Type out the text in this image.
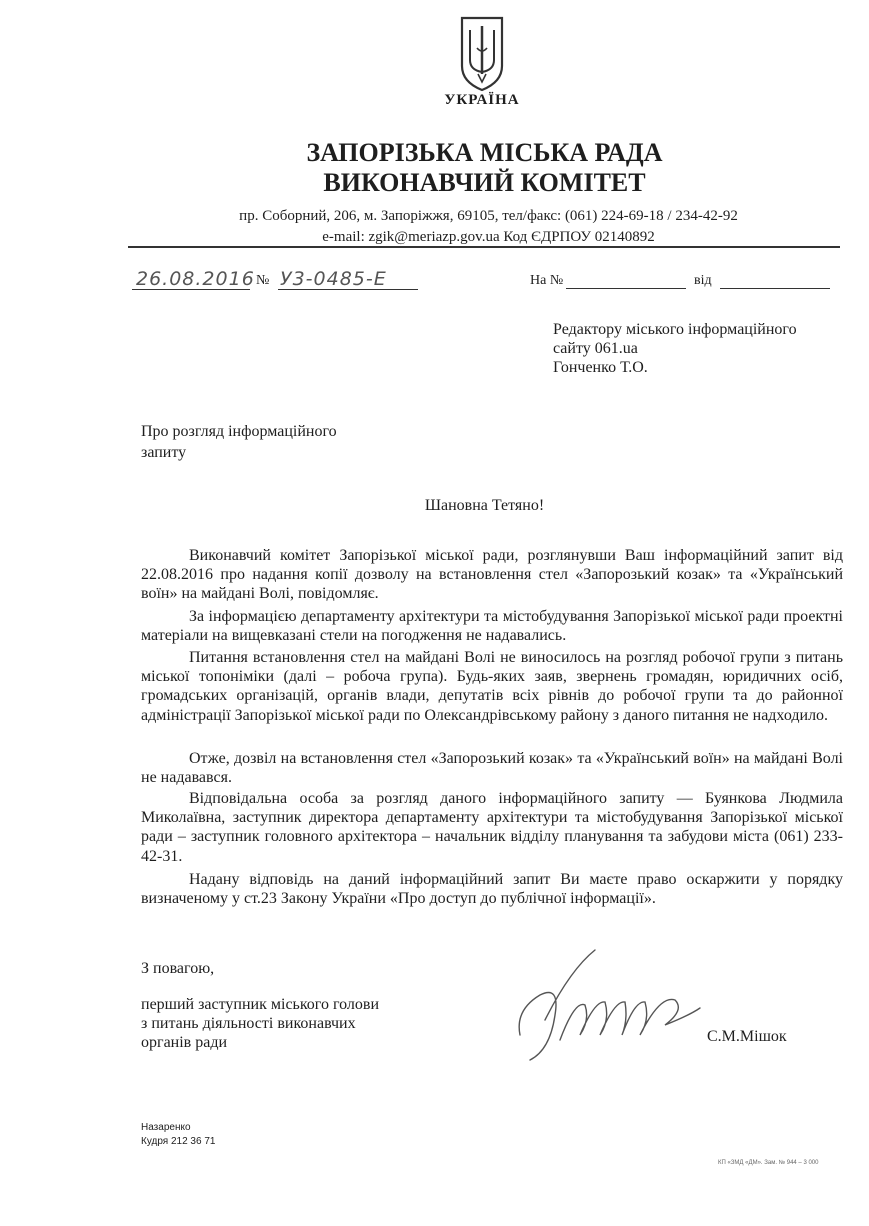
УКРАЇНА
ЗАПОРІЗЬКА МІСЬКА РАДА
ВИКОНАВЧИЙ КОМІТЕТ
пр. Соборний, 206, м. Запоріжжя, 69105, тел/факс: (061) 224-69-18 / 234-42-92
e-mail: zgik@meriazp.gov.ua Код ЄДРПОУ 02140892
26.08.2016 № У3-0485-Е	На №	від
Редактору міського інформаційного
сайту 061.ua
Гонченко Т.О.
Про розгляд інформаційного
запиту
Шановна Тетяно!
Виконавчий комітет Запорізької міської ради, розглянувши Ваш інформаційний запит від 22.08.2016 про надання копії дозволу на встановлення стел «Запорозький козак» та «Український воїн» на майдані Волі, повідомляє.
За інформацією департаменту архітектури та містобудування Запорізької міської ради проектні матеріали на вищевказані стели на погодження не надавались.
Питання встановлення стел на майдані Волі не виносилось на розгляд робочої групи з питань міської топоніміки (далі – робоча група). Будь-яких заяв, звернень громадян, юридичних осіб, громадських організацій, органів влади, депутатів всіх рівнів до робочої групи та до районної адміністрації Запорізької міської ради по Олександрівському району з даного питання не надходило.
Отже, дозвіл на встановлення стел «Запорозький козак» та «Український воїн» на майдані Волі не надавався.
Відповідальна особа за розгляд даного інформаційного запиту — Буянкова Людмила Миколаївна, заступник директора департаменту архітектури та містобудування Запорізької міської ради – заступник головного архітектора – начальник відділу планування та забудови міста (061) 233-42-31.
Надану відповідь на даний інформаційний запит Ви маєте право оскаржити у порядку визначеному у ст.23 Закону України «Про доступ до публічної інформації».
З повагою,
перший заступник міського голови
з питань діяльності виконавчих
органів ради	С.М.Мішок
Назаренко
Кудря 212 36 71
КП «ЗМД «ДМ». Зам. № 944 – 3 000
